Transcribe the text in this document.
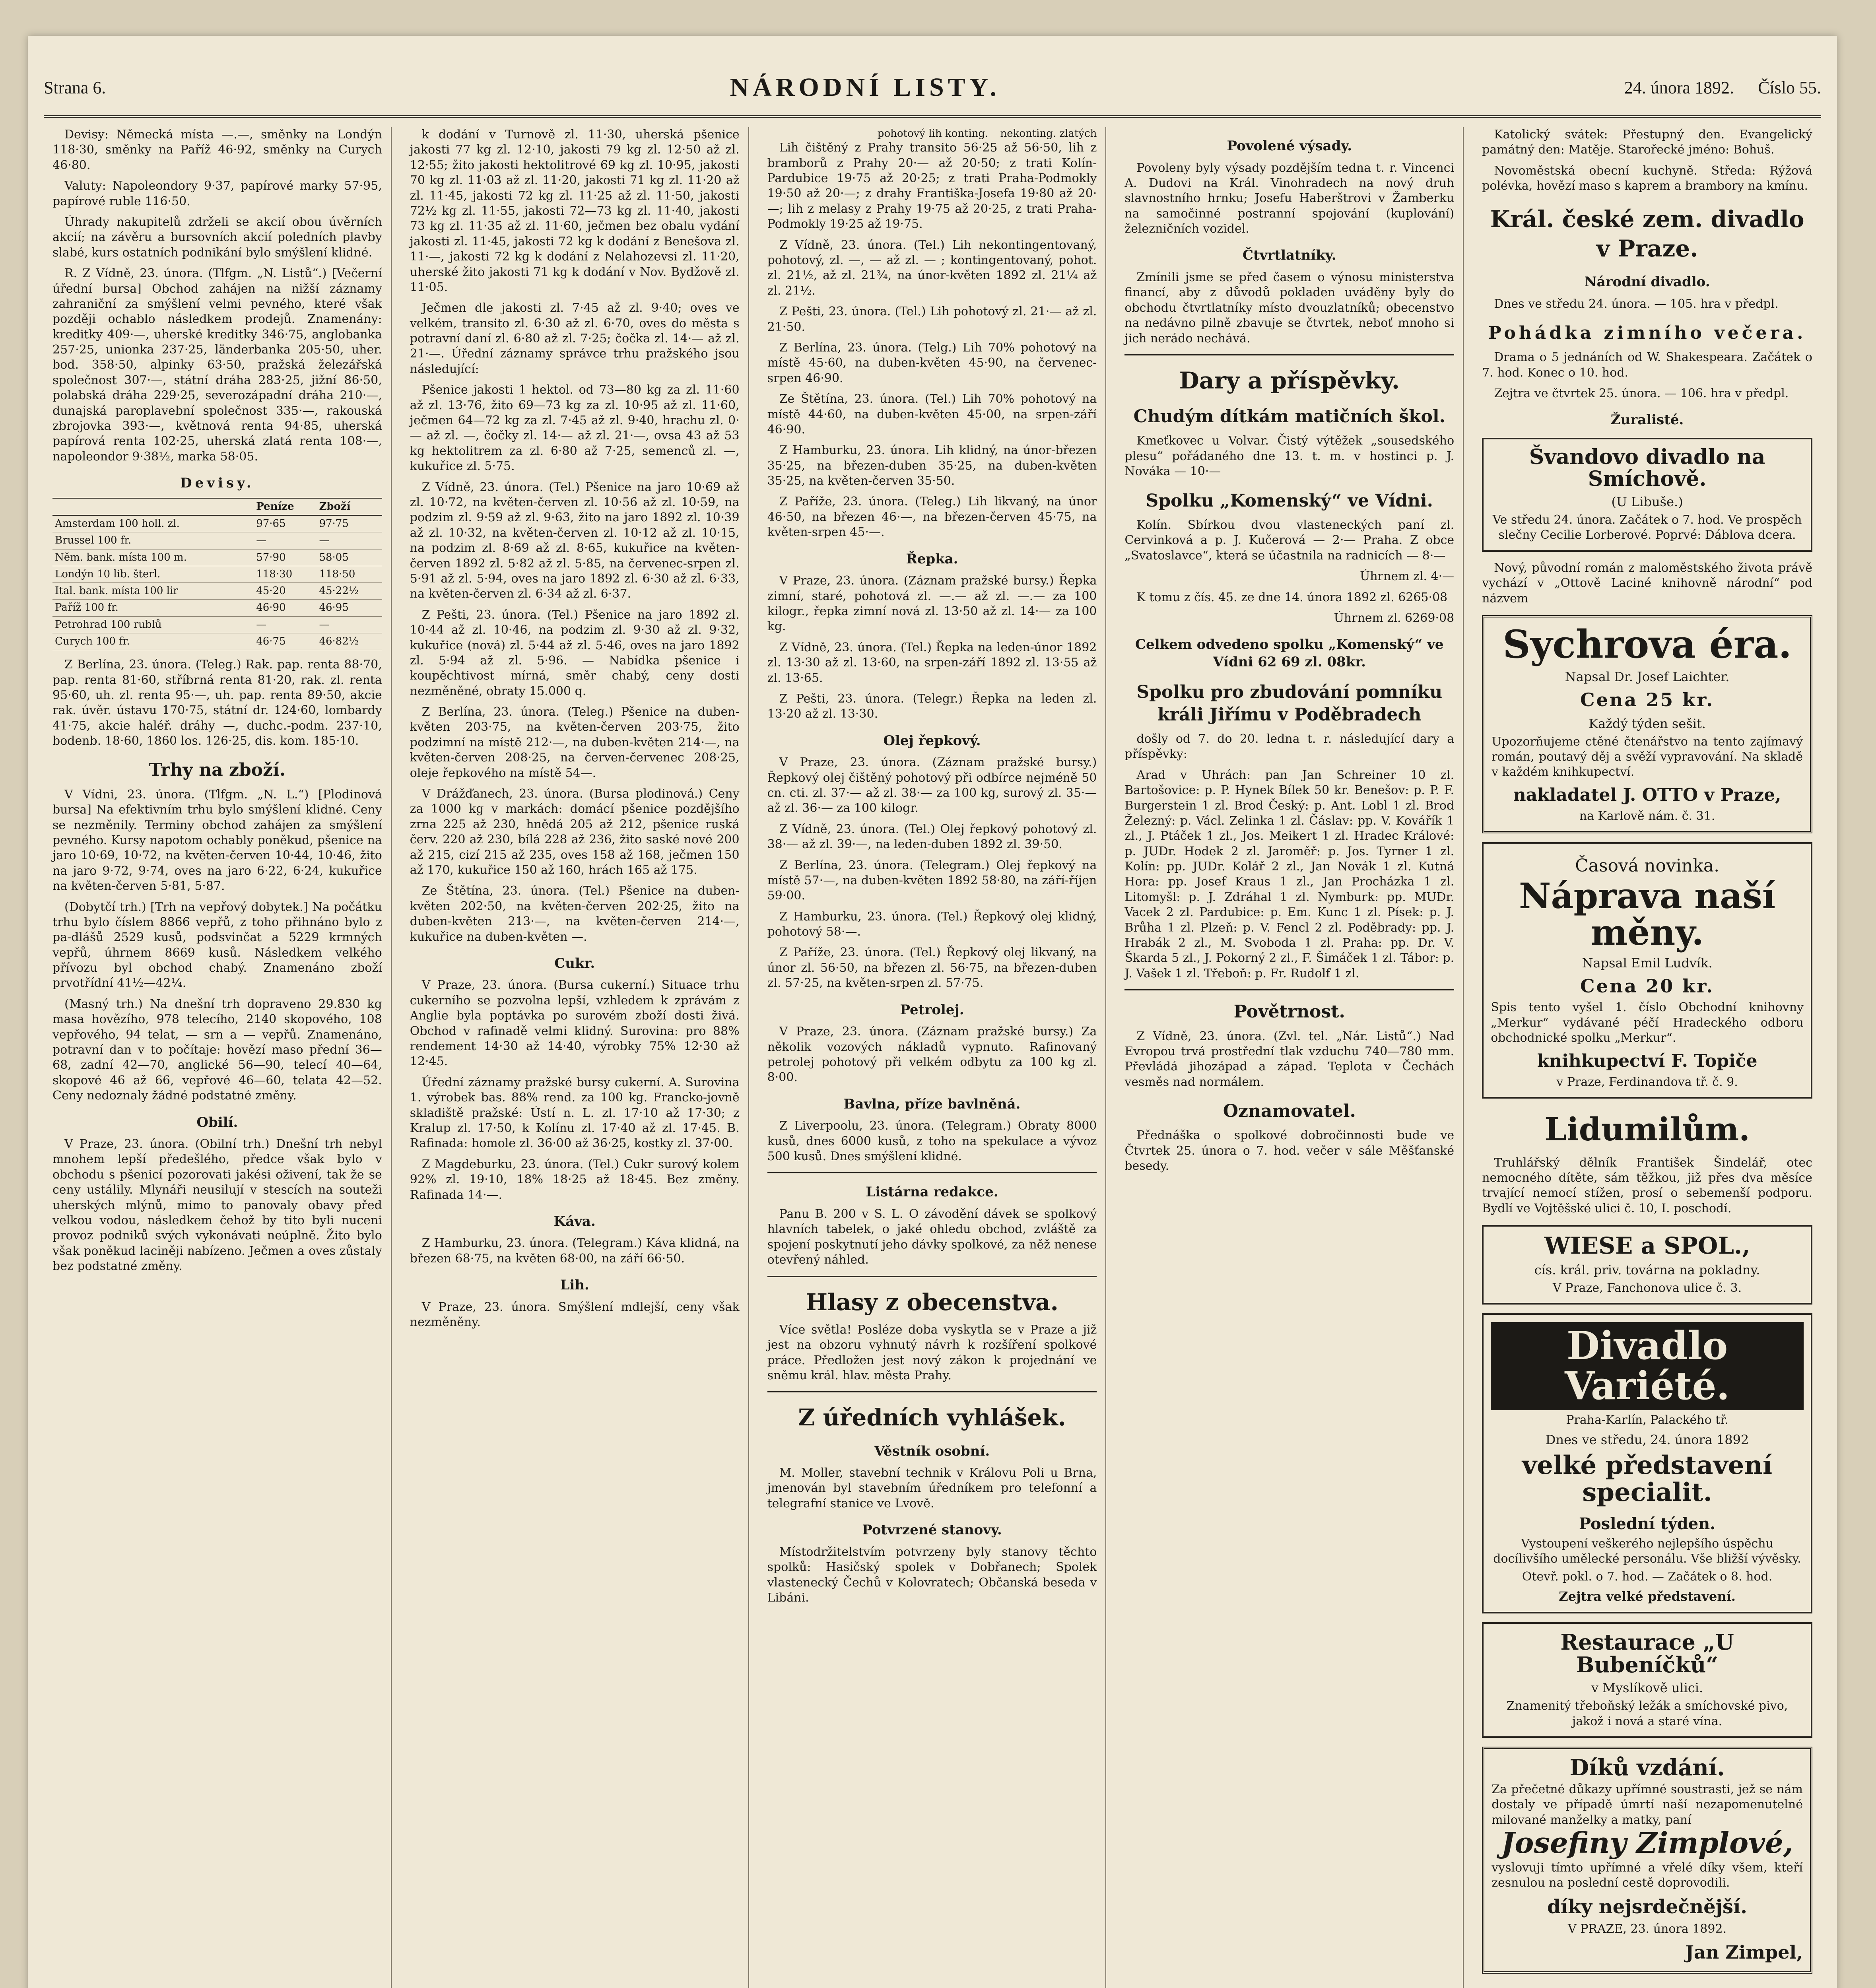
Strana 6.	NÁRODNÍ LISTY.	24. února 1892. Číslo 55.

Devisy: Německá místa —.—, směnky na Londýn 118·30, směnky na Paříž 46·92, směnky na Curych 46·80.

Valuty: Napoleondory 9·37, papírové marky 57·95, papírové ruble 116·50.

Úhrady nakupitelů zdrželi se akcií obou úvěrních akcií; na závěru a bursovních akcií poledních plavby slabé, kurs ostatních podnikání bylo smýšlení klidné.

R. Z Vídně, 23. února. (Tlfgm. „N. Listů“.) [Večerní úřední bursa] Obchod zahájen na nižší záznamy zahraniční za smýšlení velmi pevného, které však později ochablo následkem prodejů. Znamenány: kreditky 409·—, uherské kreditky 346·75, anglobanka 257·25, unionka 237·25, länderbanka 205·50, uher. bod. 358·50, alpinky 63·50, pražská železářská společnost 307·—, státní dráha 283·25, jižní 86·50, polabská dráha 229·25, severozápadní dráha 210·—, dunajská paroplavební společnost 335·—, rakouská zbrojovka 393·—, květnová renta 94·85, uherská papírová renta 102·25, uherská zlatá renta 108·—, napoleondor 9·38½, marka 58·05.

Devisy.
	Peníze	Zboží
Amsterdam 100 holl. zl.	97·65	97·75
Brussel 100 fr.	—	—
Něm. bank. místa 100 m.	57·90	58·05
Londýn 10 lib. šterl.	118·30	118·50
Ital. bank. místa 100 lir	45·20	45·22½
Paříž 100 fr.	46·90	46·95
Petrohrad 100 rublů	—	—
Curych 100 fr.	46·75	46·82½

Z Berlína, 23. února. (Teleg.) Rak. pap. renta 88·70, pap. renta 81·60, stříbrná renta 81·20, rak. zl. renta 95·60, uh. zl. renta 95·—, uh. pap. renta 89·50, akcie rak. úvěr. ústavu 170·75, státní dr. 124·60, lombardy 41·75, akcie haléř. dráhy —, duchc.-podm. 237·10, bodenb. 18·60, 1860 los. 126·25, dis. kom. 185·10.

Trhy na zboží.

V Vídni, 23. února. (Tlfgm. „N. L.“) [Plodinová bursa] Na efektivním trhu bylo smýšlení klidné. Ceny se nezměnily. Terminy obchod zahájen za smýšlení pevného. Kursy napotom ochably poněkud, pšenice na jaro 10·69, 10·72, na květen-červen 10·44, 10·46, žito na jaro 9·72, 9·74, oves na jaro 6·22, 6·24, kukuřice na květen-červen 5·81, 5·87.

(Dobytčí trh.) [Trh na vepřový dobytek.] Na počátku trhu bylo číslem 8866 vepřů, z toho přihnáno bylo z pa-dlášů 2529 kusů, podsvinčat a 5229 krmných vepřů, úhrnem 8669 kusů. Následkem velkého přívozu byl obchod chabý. Znamenáno zboží prvotřídní 41½—42¼.

(Masný trh.) Na dnešní trh dopraveno 29.830 kg masa hovězího, 978 telecího, 2140 skopového, 108 vepřového, 94 telat, — srn a — vepřů. Znamenáno, potravní dan v to počítaje: hovězí maso přední 36—68, zadní 42—70, anglické 56—90, telecí 40—64, skopové 46 až 66, vepřové 46—60, telata 42—52. Ceny nedoznaly žádné podstatné změny.

Obilí.

V Praze, 23. února. (Obilní trh.) Dnešní trh nebyl mnohem lepší předešlého, předce však bylo v obchodu s pšenicí pozorovati jakési oživení, tak že se ceny ustálily. Mlynáři neusilují v stescích na souteži uherských mlýnů, mimo to panovaly obavy před velkou vodou, následkem čehož by tito byli nuceni provoz podniků svých vykonávati neúplně. Žito bylo však poněkud laciněji nabízeno. Ječmen a oves zůstaly bez podstatné změny.

k dodání v Turnově zl. 11·30, uherská pšenice jakosti 77 kg zl. 12·10, jakosti 79 kg zl. 12·50 až zl. 12·55; žito jakosti hektolitrové 69 kg zl. 10·95, jakosti 70 kg zl. 11·03 až zl. 11·20, jakosti 71 kg zl. 11·20 až zl. 11·45, jakosti 72 kg zl. 11·25 až zl. 11·50, jakosti 72½ kg zl. 11·55, jakosti 72—73 kg zl. 11·40, jakosti 73 kg zl. 11·35 až zl. 11·60, ječmen bez obalu vydání jakosti zl. 11·45, jakosti 72 kg k dodání z Benešova zl. 11·—, jakosti 72 kg k dodání z Nelahozevsi zl. 11·20, uherské žito jakosti 71 kg k dodání v Nov. Bydžově zl. 11·05.

Ječmen dle jakosti zl. 7·45 až zl. 9·40; oves ve velkém, transito zl. 6·30 až zl. 6·70, oves do města s potravní daní zl. 6·80 až zl. 7·25; čočka zl. 14·— až zl. 21·—. Úřední záznamy správce trhu pražského jsou následující:

Pšenice jakosti 1 hektol. od 73—80 kg za zl. 11·60 až zl. 13·76, žito 69—73 kg za zl. 10·95 až zl. 11·60, ječmen 64—72 kg za zl. 7·45 až zl. 9·40, hrachu zl. 0·— až zl. —, čočky zl. 14·— až zl. 21·—, ovsa 43 až 53 kg hektolitrem za zl. 6·80 až 7·25, semenců zl. —, kukuřice zl. 5·75.

Z Vídně, 23. února. (Tel.) Pšenice na jaro 10·69 až zl. 10·72, na květen-červen zl. 10·56 až zl. 10·59, na podzim zl. 9·59 až zl. 9·63, žito na jaro 1892 zl. 10·39 až zl. 10·32, na květen-červen zl. 10·12 až zl. 10·15, na podzim zl. 8·69 až zl. 8·65, kukuřice na květen-červen 1892 zl. 5·82 až zl. 5·85, na červenec-srpen zl. 5·91 až zl. 5·94, oves na jaro 1892 zl. 6·30 až zl. 6·33, na květen-červen zl. 6·34 až zl. 6·37.

Z Pešti, 23. února. (Tel.) Pšenice na jaro 1892 zl. 10·44 až zl. 10·46, na podzim zl. 9·30 až zl. 9·32, kukuřice (nová) zl. 5·44 až zl. 5·46, oves na jaro 1892 zl. 5·94 až zl. 5·96. — Nabídka pšenice i koupěchtivost mírná, směr chabý, ceny dosti nezměněné, obraty 15.000 q.

Z Berlína, 23. února. (Teleg.) Pšenice na duben-květen 203·75, na květen-červen 203·75, žito podzimní na místě 212·—, na duben-květen 214·—, na květen-červen 208·25, na červen-červenec 208·25, oleje řepkového na místě 54—.

V Drážďanech, 23. února. (Bursa plodinová.) Ceny za 1000 kg v markách: domácí pšenice pozdějšího zrna 225 až 230, hnědá 205 až 212, pšenice ruská červ. 220 až 230, bílá 228 až 236, žito saské nové 200 až 215, cizí 215 až 235, oves 158 až 168, ječmen 150 až 170, kukuřice 150 až 160, hrách 165 až 175.

Ze Štětína, 23. února. (Tel.) Pšenice na duben-květen 202·50, na květen-červen 202·25, žito na duben-květen 213·—, na květen-červen 214·—, kukuřice na duben-květen —.

Cukr.

V Praze, 23. února. (Bursa cukerní.) Situace trhu cukerního se pozvolna lepší, vzhledem k zprávám z Anglie byla poptávka po surovém zboží dosti živá. Obchod v rafinadě velmi klidný. Surovina: pro 88% rendement 14·30 až 14·40, výrobky 75% 12·30 až 12·45.

Úřední záznamy pražské bursy cukerní. A. Surovina 1. výrobek bas. 88% rend. za 100 kg. Francko-jovně skladiště pražské: Ústí n. L. zl. 17·10 až 17·30; z Kralup zl. 17·50, k Kolínu zl. 17·40 až zl. 17·45. B. Rafinada: homole zl. 36·00 až 36·25, kostky zl. 37·00.

Z Magdeburku, 23. února. (Tel.) Cukr surový kolem 92% zl. 19·10, 18% 18·25 až 18·45. Bez změny. Rafinada 14·—.

Káva.

Z Hamburku, 23. února. (Telegram.) Káva klidná, na březen 68·75, na květen 68·00, na září 66·50.

Lih.

V Praze, 23. února. Smýšlení mdlejší, ceny však nezměněny.

pohotový lih konting. nekonting. zlatých

Lih čištěný z Prahy transito 56·25 až 56·50, lih z bramborů z Prahy 20·— až 20·50; z trati Kolín-Pardubice 19·75 až 20·25; z trati Praha-Podmokly 19·50 až 20·—; z drahy Františka-Josefa 19·80 až 20·—; lih z melasy z Prahy 19·75 až 20·25, z trati Praha-Podmokly 19·25 až 19·75.

Z Vídně, 23. února. (Tel.) Lih nekontingentovaný, pohotový, zl. —, — až zl. — ; kontingentovaný, pohot. zl. 21½, až zl. 21¾, na únor-květen 1892 zl. 21¼ až zl. 21½.

Z Pešti, 23. února. (Tel.) Lih pohotový zl. 21·— až zl. 21·50.

Z Berlína, 23. února. (Telg.) Lih 70% pohotový na místě 45·60, na duben-květen 45·90, na červenec-srpen 46·90.

Ze Štětína, 23. února. (Tel.) Lih 70% pohotový na místě 44·60, na duben-květen 45·00, na srpen-září 46·90.

Z Hamburku, 23. února. Lih klidný, na únor-březen 35·25, na březen-duben 35·25, na duben-květen 35·25, na květen-červen 35·50.

Z Paříže, 23. února. (Teleg.) Lih likvaný, na únor 46·50, na březen 46·—, na březen-červen 45·75, na květen-srpen 45·—.

Řepka.

V Praze, 23. února. (Záznam pražské bursy.) Řepka zimní, staré, pohotová zl. —.— až zl. —.— za 100 kilogr., řepka zimní nová zl. 13·50 až zl. 14·— za 100 kg.

Z Vídně, 23. února. (Tel.) Řepka na leden-únor 1892 zl. 13·30 až zl. 13·60, na srpen-září 1892 zl. 13·55 až zl. 13·65.

Z Pešti, 23. února. (Telegr.) Řepka na leden zl. 13·20 až zl. 13·30.

Olej řepkový.

V Praze, 23. února. (Záznam pražské bursy.) Řepkový olej čištěný pohotový při odbírce nejméně 50 cn. cti. zl. 37·— až zl. 38·— za 100 kg, surový zl. 35·— až zl. 36·— za 100 kilogr.

Z Vídně, 23. února. (Tel.) Olej řepkový pohotový zl. 38·— až zl. 39·—, na leden-duben 1892 zl. 39·50.

Z Berlína, 23. února. (Telegram.) Olej řepkový na místě 57·—, na duben-květen 1892 58·80, na září-říjen 59·00.

Z Hamburku, 23. února. (Tel.) Řepkový olej klidný, pohotový 58·—.

Z Paříže, 23. února. (Tel.) Řepkový olej likvaný, na únor zl. 56·50, na březen zl. 56·75, na březen-duben zl. 57·25, na květen-srpen zl. 57·75.

Petrolej.

V Praze, 23. února. (Záznam pražské bursy.) Za několik vozových nákladů vypnuto. Rafinovaný petrolej pohotový při velkém odbytu za 100 kg zl. 8·00.

Bavlna, příze bavlněná.

Z Liverpoolu, 23. února. (Telegram.) Obraty 8000 kusů, dnes 6000 kusů, z toho na spekulace a vývoz 500 kusů. Dnes smýšlení klidné.

Listárna redakce.

Panu B. 200 v S. L. O závodění dávek se spolkový hlavních tabelek, o jaké ohledu obchod, zvláště za spojení poskytnutí jeho dávky spolkové, za něž nenese otevřený náhled.

Hlasy z obecenstva.

Více světla! Posléze doba vyskytla se v Praze a již jest na obzoru vyhnutý návrh k rozšíření spolkové práce. Předložen jest nový zákon k projednání ve sněmu král. hlav. města Prahy.

Z úředních vyhlášek.
Věstník osobní.

M. Moller, stavební technik v Královu Poli u Brna, jmenován byl stavebním úředníkem pro telefonní a telegrafní stanice ve Lvově.

Potvrzené stanovy.

Místodržitelstvím potvrzeny byly stanovy těchto spolků: Hasičský spolek v Dobřanech; Spolek vlastenecký Čechů v Kolovratech; Občanská beseda v Libáni.

Povolené výsady.

Povoleny byly výsady pozdějším tedna t. r. Vincenci A. Dudovi na Král. Vinohradech na nový druh slavnostního hrnku; Josefu Haberštrovi v Žamberku na samočinné postranní spojování (kuplování) železničních vozidel.

Čtvrtlatníky.

Zmínili jsme se před časem o výnosu ministerstva financí, aby z důvodů pokladen uváděny byly do obchodu čtvrtlatníky místo dvouzlatníků; obecenstvo na nedávno pilně zbavuje se čtvrtek, neboť mnoho si jich nerádo nechává.

Dary a příspěvky.
Chudým dítkám matičních škol.

Kmeťkovec u Volvar. Čistý výtěžek „sousedského plesu“ pořádaného dne 13. t. m. v hostinci p. J. Nováka — 10·—

Spolku „Komenský“ ve Vídni.

Kolín. Sbírkou dvou vlasteneckých paní zl. Cervinková a p. J. Kučerová — 2·— Praha. Z obce „Svatoslavce“, která se účastnila na radnicích — 8·—

Úhrnem zl. 4·—

K tomu z čís. 45. ze dne 14. února 1892 zl. 6265·08

Úhrnem zl. 6269·08

Celkem odvedeno spolku „Komenský“ ve Vídni 62 69 zl. 08kr.
Spolku pro zbudování pomníku králi Jiřímu v Poděbradech

došly od 7. do 20. ledna t. r. následující dary a příspěvky:

Arad v Uhrách: pan Jan Schreiner 10 zl. Bartošovice: p. P. Hynek Bílek 50 kr. Benešov: p. P. F. Burgerstein 1 zl. Brod Český: p. Ant. Lobl 1 zl. Brod Železný: p. Václ. Zelinka 1 zl. Čáslav: pp. V. Kovářík 1 zl., J. Ptáček 1 zl., Jos. Meikert 1 zl. Hradec Králové: p. JUDr. Hodek 2 zl. Jaroměř: p. Jos. Tyrner 1 zl. Kolín: pp. JUDr. Kolář 2 zl., Jan Novák 1 zl. Kutná Hora: pp. Josef Kraus 1 zl., Jan Procházka 1 zl. Litomyšl: p. J. Zdráhal 1 zl. Nymburk: pp. MUDr. Vacek 2 zl. Pardubice: p. Em. Kunc 1 zl. Písek: p. J. Brůha 1 zl. Plzeň: p. V. Fencl 2 zl. Poděbrady: pp. J. Hrabák 2 zl., M. Svoboda 1 zl. Praha: pp. Dr. V. Škarda 5 zl., J. Pokorný 2 zl., F. Šimáček 1 zl. Tábor: p. J. Vašek 1 zl. Třeboň: p. Fr. Rudolf 1 zl.

Povětrnost.

Z Vídně, 23. února. (Zvl. tel. „Nár. Listů“.) Nad Evropou trvá prostřední tlak vzduchu 740—780 mm. Převládá jihozápad a západ. Teplota v Čechách vesměs nad normálem.

Oznamovatel.

Přednáška o spolkové dobročinnosti bude ve Čtvrtek 25. února o 7. hod. večer v sále Měšťanské besedy.

Katolický svátek: Přestupný den. Evangelický památný den: Matěje. Starořecké jméno: Bohuš.

Novoměstská obecní kuchyně. Středa: Rýžová polévka, hovězí maso s kaprem a brambory na kmínu.

Král. české zem. divadlo v Praze.
Národní divadlo.

Dnes ve středu 24. února. — 105. hra v předpl.

Pohádka zimního večera.

Drama o 5 jednáních od W. Shakespeara. Začátek o 7. hod. Konec o 10. hod.

Zejtra ve čtvrtek 25. února. — 106. hra v předpl.

Žuralisté.
Švandovo divadlo na Smíchově.
(U Libuše.)
Ve středu 24. února. Začátek o 7. hod. Ve prospěch slečny Cecilie Lorberové. Poprvé: Dáblova dcera.

Nový, původní román z maloměstského života právě vychází v „Ottově Laciné knihovně národní“ pod názvem

Sychrova éra.
Napsal Dr. Josef Laichter.
Cena 25 kr.
Každý týden sešit.
Upozorňujeme ctěné čtenářstvo na tento zajímavý román, poutavý děj a svěží vypravování. Na skladě v každém knihkupectví.
nakladatel J. OTTO v Praze,
na Karlově nám. č. 31.
Časová novinka.
Náprava naší měny.
Napsal Emil Ludvík.
Cena 20 kr.
Spis tento vyšel 1. číslo Obchodní knihovny „Merkur“ vydávané péčí Hradeckého odboru obchodnické spolku „Merkur“.
knihkupectví F. Topiče
v Praze, Ferdinandova tř. č. 9.
Lidumilům.

Truhlářský dělník František Šindelář, otec nemocného dítěte, sám těžkou, již přes dva měsíce trvající nemocí stížen, prosí o sebemenší podporu. Bydlí ve Vojtěšské ulici č. 10, I. poschodí.

WIESE a SPOL.,
cís. král. priv. továrna na pokladny.
V Praze, Fanchonova ulice č. 3.
Divadlo Variété.
Praha-Karlín, Palackého tř.
Dnes ve středu, 24. února 1892
velké představení specialit.
Poslední týden.
Vystoupení veškerého nejlepšího úspěchu docílivšího umělecké personálu. Vše bližší vývěsky.
Otevř. pokl. o 7. hod. — Začátek o 8. hod.
Zejtra velké představení.
Restaurace „U Bubeníčků“
v Myslíkově ulici.
Znamenitý třeboňský ležák a smíchovské pivo, jakož i nová a staré vína.
Díků vzdání.
Za přečetné důkazy upřímné soustrasti, jež se nám dostaly ve případě úmrtí naší nezapomenutelné milované manželky a matky, paní
Josefiny Zimplové,
vyslovuji tímto upřímné a vřelé díky všem, kteří zesnulou na poslední cestě doprovodili.
díky nejsrdečnější.
V PRAZE, 23. února 1892.
Jan Zimpel,
